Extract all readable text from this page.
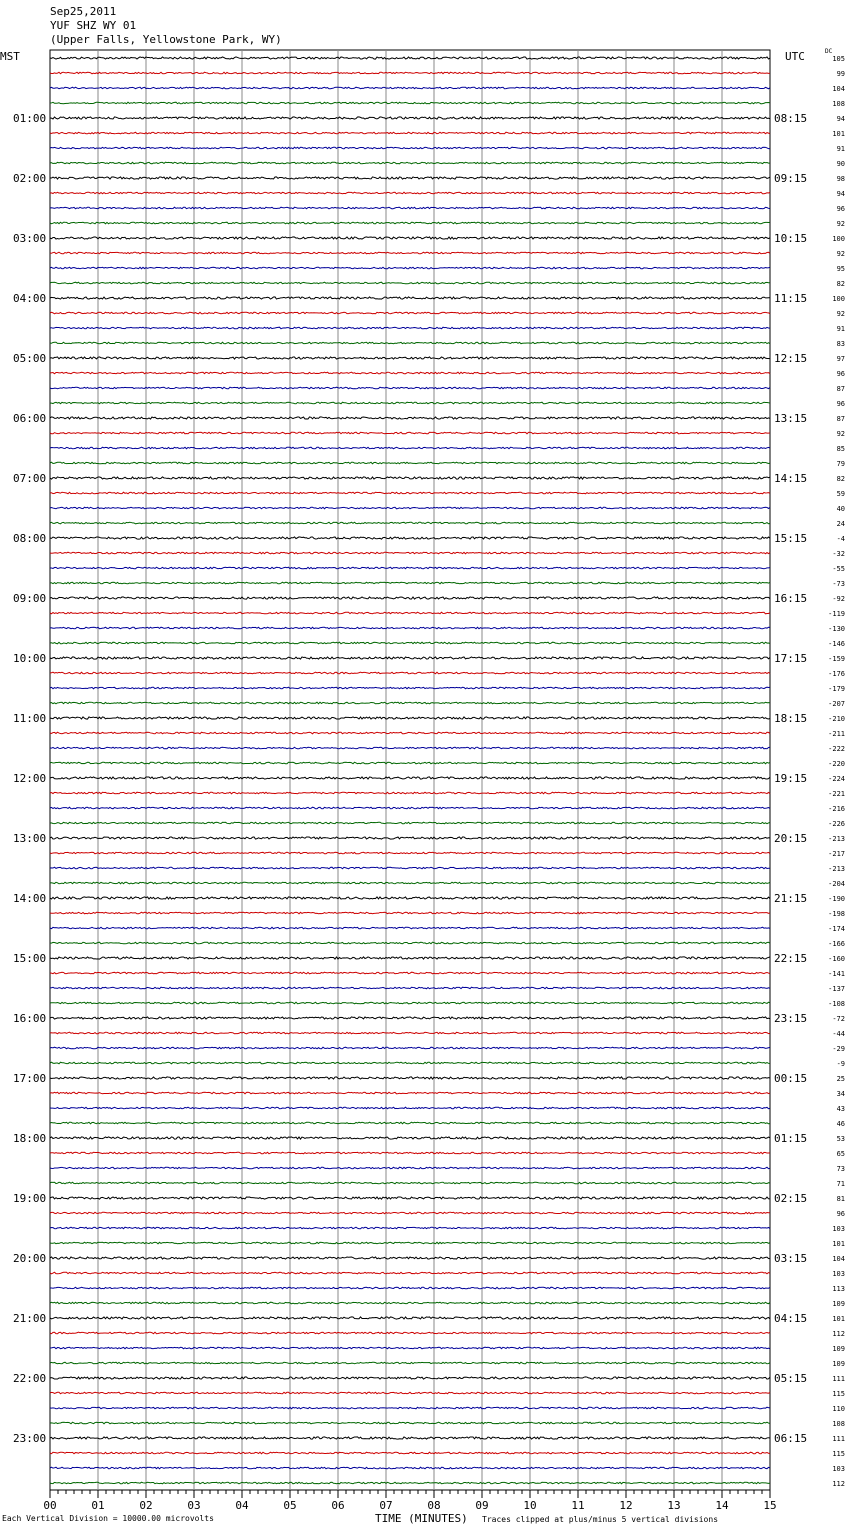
Sep25,2011
YUF SHZ WY 01
(Upper Falls, Yellowstone Park, WY)
MST	UTC	DC
01:00
02:00
03:00
04:00
05:00
06:00
07:00
08:00
09:00
10:00
11:00
12:00
13:00
14:00
15:00
16:00
17:00
18:00
19:00
20:00
21:00
22:00
23:00
08:15
09:15
10:15
11:15
12:15
13:15
14:15
15:15
16:15
17:15
18:15
19:15
20:15
21:15
22:15
23:15
00:15
01:15
02:15
03:15
04:15
05:15
06:15
105
99
104
108
94
101
91
90
98
94
96
92
100
92
95
82
100
92
91
83
97
96
87
96
87
92
85
79
82
59
40
24
-4
-32
-55
-73
-92
-119
-130
-146
-159
-176
-179
-207
-210
-211
-222
-220
-224
-221
-216
-226
-213
-217
-213
-204
-190
-198
-174
-166
-160
-141
-137
-108
-72
-44
-29
-9
25
34
43
46
53
65
73
71
81
96
103
101
104
103
113
109
101
112
109
109
111
115
110
108
111
115
103
112
00	01	02	03	04	05	06	07	08	09	10	11	12	13	14	15
Each Vertical Division = 10000.00 microvolts	TIME (MINUTES) Traces clipped at plus/minus 5 vertical divisions
